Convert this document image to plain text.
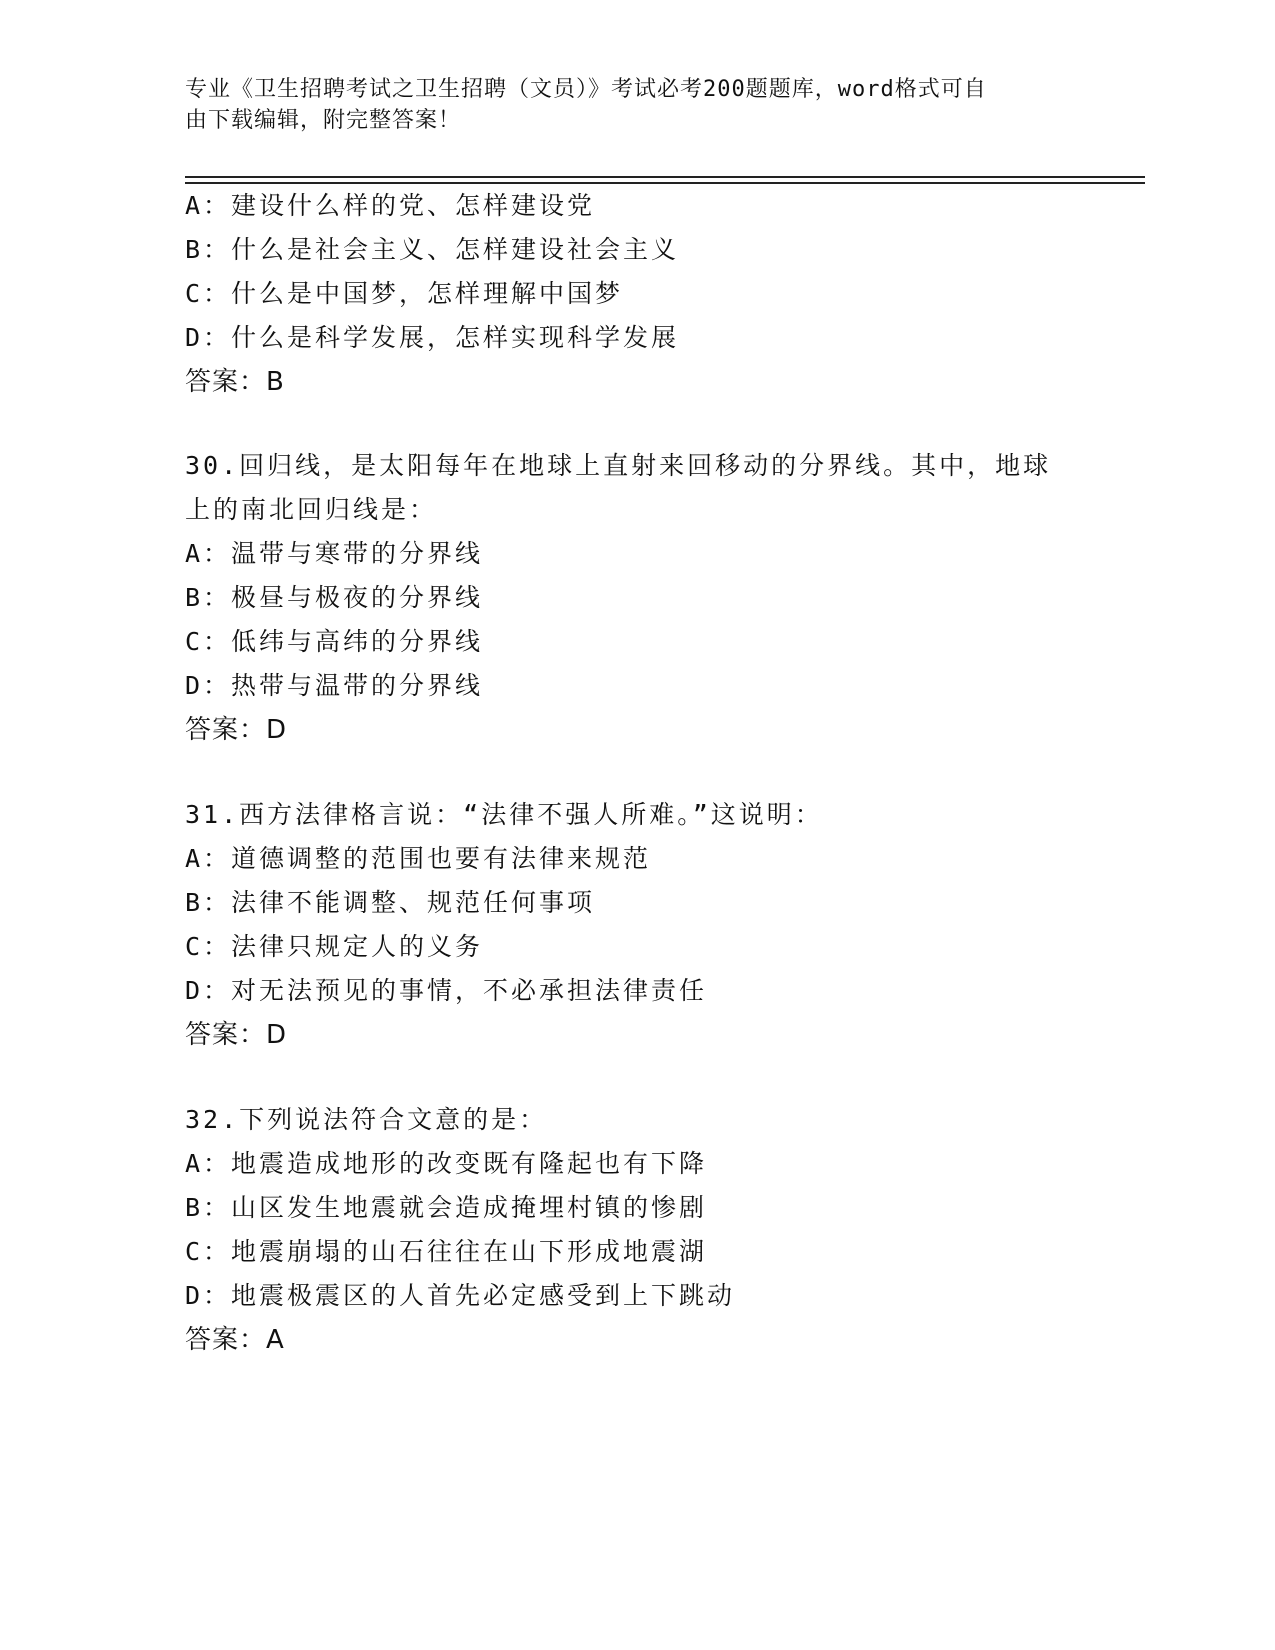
专业《卫生招聘考试之卫生招聘（文员）》考试必考200题题库，word格式可自
由下载编辑，附完整答案！
A：建设什么样的党、怎样建设党
B：什么是社会主义、怎样建设社会主义
C：什么是中国梦，怎样理解中国梦
D：什么是科学发展，怎样实现科学发展
答案：B
30.回归线，是太阳每年在地球上直射来回移动的分界线。其中，地球
上的南北回归线是：
A：温带与寒带的分界线
B：极昼与极夜的分界线
C：低纬与高纬的分界线
D：热带与温带的分界线
答案：D
31.西方法律格言说：“法律不强人所难。”这说明：
A：道德调整的范围也要有法律来规范
B：法律不能调整、规范任何事项
C：法律只规定人的义务
D：对无法预见的事情，不必承担法律责任
答案：D
32.下列说法符合文意的是：
A：地震造成地形的改变既有隆起也有下降
B：山区发生地震就会造成掩埋村镇的惨剧
C：地震崩塌的山石往往在山下形成地震湖
D：地震极震区的人首先必定感受到上下跳动
答案：A
